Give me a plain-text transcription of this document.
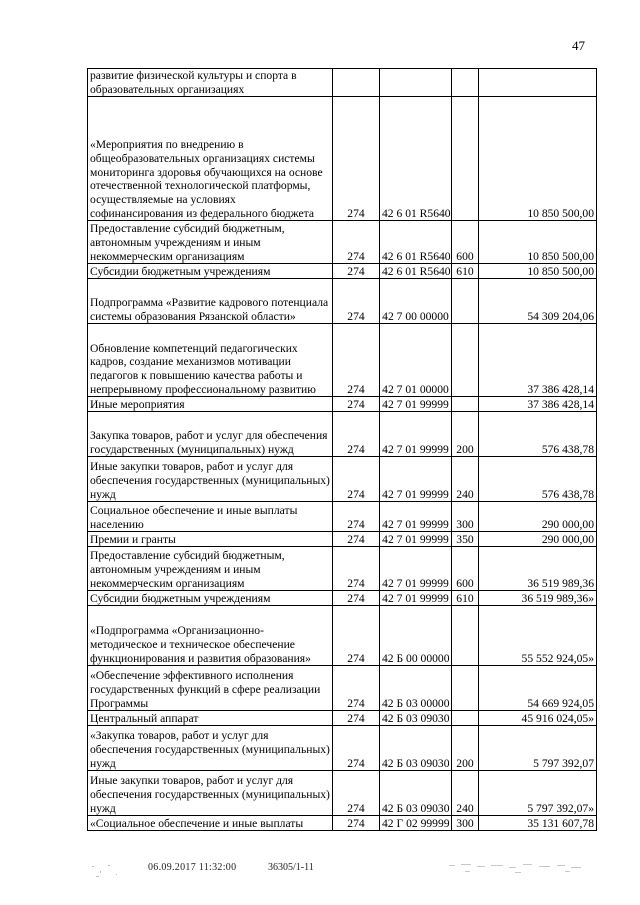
47
развитие физической культуры и спорта в образовательных организациях				
«Мероприятия по внедрению в общеобразовательных организациях системы мониторинга здоровья обучающихся на основе отечественной технологической платформы, осуществляемые на условиях софинансирования из федерального бюджета	274	42 6 01 R5640		10 850 500,00
Предоставление субсидий бюджетным, автономным учреждениям и иным некоммерческим организациям	274	42 6 01 R5640	600	10 850 500,00
Субсидии бюджетным учреждениям	274	42 6 01 R5640	610	10 850 500,00
Подпрограмма «Развитие кадрового потенциала системы образования Рязанской области»	274	42 7 00 00000		54 309 204,06
Обновление компетенций педагогических кадров, создание механизмов мотивации педагогов к повышению качества работы и непрерывному профессиональному развитию	274	42 7 01 00000		37 386 428,14
Иные мероприятия	274	42 7 01 99999		37 386 428,14
Закупка товаров, работ и услуг для обеспечения государственных (муниципальных) нужд	274	42 7 01 99999	200	576 438,78
Иные закупки товаров, работ и услуг для обеспечения государственных (муниципальных) нужд	274	42 7 01 99999	240	576 438,78
Социальное обеспечение и иные выплаты населению	274	42 7 01 99999	300	290 000,00
Премии и гранты	274	42 7 01 99999	350	290 000,00
Предоставление субсидий бюджетным, автономным учреждениям и иным некоммерческим организациям	274	42 7 01 99999	600	36 519 989,36
Субсидии бюджетным учреждениям	274	42 7 01 99999	610	36 519 989,36»
«Подпрограмма «Организационно-методическое и техническое обеспечение функционирования и развития образования»	274	42 Б 00 00000		55 552 924,05»
«Обеспечение эффективного исполнения государственных функций в сфере реализации Программы	274	42 Б 03 00000		54 669 924,05
Центральный аппарат	274	42 Б 03 09030		45 916 024,05»
«Закупка товаров, работ и услуг для обеспечения государственных (муниципальных) нужд	274	42 Б 03 09030	200	5 797 392,07
Иные закупки товаров, работ и услуг для обеспечения государственных (муниципальных) нужд	274	42 Б 03 09030	240	5 797 392,07»
«Социальное обеспечение и иные выплаты	274	42 Г 02 99999	300	35 131 607,78
06.09.2017 11:32:00	36305/1-11
